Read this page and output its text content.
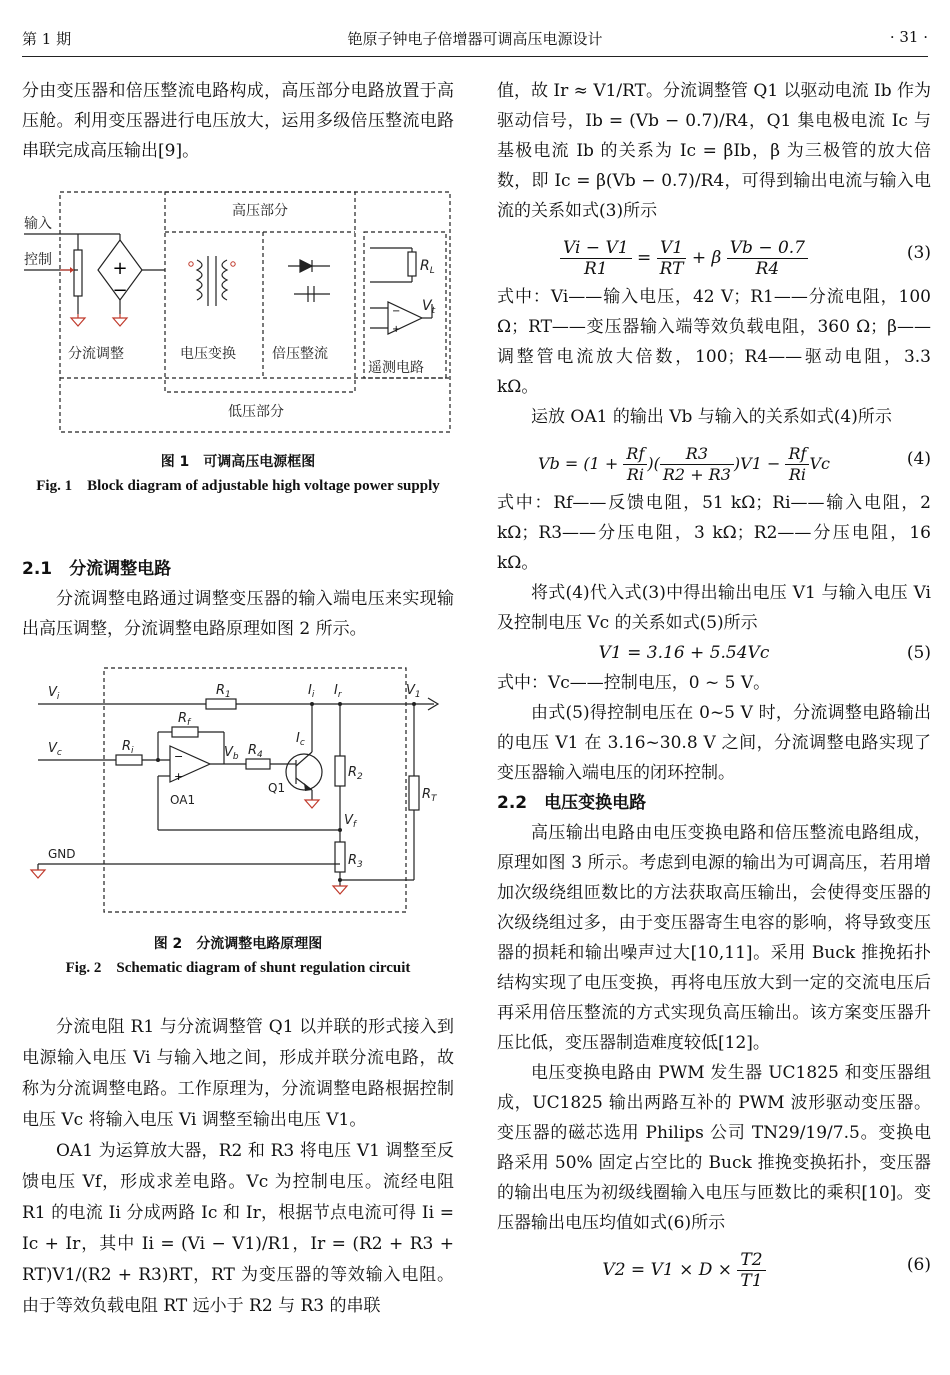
第 1 期	铯原子钟电子倍增器可调高压电源设计	· 31 ·

分由变压器和倍压整流电路构成，高压部分电路放置于高压舱。利用变压器进行电压放大，运用多级倍压整流电路串联完成高压输出[9]。

+
−
−
+
高压部分
低压部分
输入
控制
分流调整	电压变换	倍压整流
遥测电路
$R_L$
$V_t$
图 1　可调高压电源框图
Fig. 1　Block diagram of adjustable high voltage power supply
2.1　分流调整电路

分流调整电路通过调整变压器的输入端电压来实现输出高压调整，分流调整电路原理如图 2 所示。

−
+
$V_i$
$V_c$
$R_1$
$R_i$
$R_f$
$V_b$ $R_4$
$I_i$ $I_r$
$I_c$
$V_1$
$R_2$
$R_3$
$R_T$
$V_f$
Q1
OA1
GND
图 2　分流调整电路原理图
Fig. 2　Schematic diagram of shunt regulation circuit

分流电阻 R1 与分流调整管 Q1 以并联的形式接入到电源输入电压 Vi 与输入地之间，形成并联分流电路，故称为分流调整电路。工作原理为，分流调整电路根据控制电压 Vc 将输入电压 Vi 调整至输出电压 V1。

OA1 为运算放大器，R2 和 R3 将电压 V1 调整至反馈电压 Vf，形成求差电路。Vc 为控制电压。流经电阻 R1 的电流 Ii 分成两路 Ic 和 Ir，根据节点电流可得 Ii = Ic + Ir，其中 Ii = (Vi − V1)/R1，Ir = (R2 + R3 + RT)V1/(R2 + R3)RT，RT 为变压器的等效输入电阻。由于等效负载电阻 RT 远小于 R2 与 R3 的串联

值，故 Ir ≈ V1/RT。分流调整管 Q1 以驱动电流 Ib 作为驱动信号，Ib = (Vb − 0.7)/R4，Q1 集电极电流 Ic 与基极电流 Ib 的关系为 Ic = βIb，β 为三极管的放大倍数，即 Ic = β(Vb − 0.7)/R4，可得到输出电流与输入电流的关系如式(3)所示

$\frac{Vi - V1}{R1} = \frac{V1}{RT} + \beta \frac{Vb - 0.7}{R4}$	(3)

式中：Vi——输入电压，42 V；R1——分流电阻，100 Ω；RT——变压器输入端等效负载电阻，360 Ω；β——调整管电流放大倍数，100；R4——驱动电阻，3.3 kΩ。

运放 OA1 的输出 Vb 与输入的关系如式(4)所示

$Vb = (1 + \frac{Rf}{Ri}$ )( $\frac{R3}{R2 + R3} )V1 - \frac{Rf}{Ri}$ Vc	(4)

式中：Rf——反馈电阻，51 kΩ；Ri——输入电阻，2 kΩ；R3——分压电阻，3 kΩ；R2——分压电阻，16 kΩ。

将式(4)代入式(3)中得出输出电压 V1 与输入电压 Vi 及控制电压 Vc 的关系如式(5)所示

V1 = 3.16 + 5.54Vc	(5)

式中：Vc——控制电压，0 ~ 5 V。

由式(5)得控制电压在 0~5 V 时，分流调整电路输出的电压 V1 在 3.16~30.8 V 之间，分流调整电路实现了变压器输入端电压的闭环控制。

2.2　电压变换电路

高压输出电路由电压变换电路和倍压整流电路组成，原理如图 3 所示。考虑到电源的输出为可调高压，若用增加次级绕组匝数比的方法获取高压输出，会使得变压器的次级绕组过多，由于变压器寄生电容的影响，将导致变压器的损耗和输出噪声过大[10,11]。采用 Buck 推挽拓扑结构实现了电压变换，再将电压放大到一定的交流电压后再采用倍压整流的方式实现负高压输出。该方案变压器升压比低，变压器制造难度较低[12]。

电压变换电路由 PWM 发生器 UC1825 和变压器组成，UC1825 输出两路互补的 PWM 波形驱动变压器。变压器的磁芯选用 Philips 公司 TN29/19/7.5。变换电路采用 50% 固定占空比的 Buck 推挽变换拓扑，变压器的输出电压为初级线圈输入电压与匝数比的乘积[10]。变压器输出电压均值如式(6)所示

$V2 = V1 \times D \times \frac{T2}{T1}$	(6)
